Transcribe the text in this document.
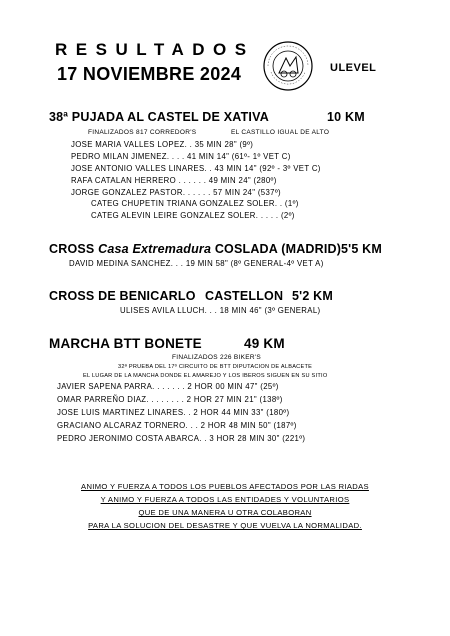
RESULTADOS
17 NOVIEMBRE 2024	ULEVEL
38ª PUJADA AL CASTEL DE XATIVA	10 KM
FINALIZADOS 817 CORREDOR'S	EL CASTILLO IGUAL DE ALTO
JOSE MARIA VALLES LOPEZ. . 35 MIN 28" (9º)
PEDRO MILAN JIMENEZ. . . . 41 MIN 14" (61º- 1º VET C)
JOSE ANTONIO VALLES LINARES. . 43 MIN 14" (92º - 3º VET C)
RAFA CATALAN HERRERO . . . . . . 49 MIN 24" (280º)
JORGE GONZALEZ PASTOR. . . . . . 57 MIN 24" (537º)
CATEG CHUPETIN TRIANA GONZALEZ SOLER. . (1º)
CATEG ALEVIN LEIRE GONZALEZ SOLER. . . . . (2º)
CROSS Casa Extremadura COSLADA (MADRID) 5'5 KM
DAVID MEDINA SANCHEZ. . . 19 MIN 58" (8º GENERAL-4º VET A)
CROSS DE BENICARLO CASTELLON 5'2 KM
ULISES AVILA LLUCH. . . 18 MIN 46" (3º GENERAL)
MARCHA BTT BONETE	49 KM
FINALIZADOS 226 BIKER'S
32ª PRUEBA DEL 17º CIRCUITO DE BTT DIPUTACION DE ALBACETE
EL LUGAR DE LA MANCHA DONDE EL AMAREJO Y LOS IBEROS SIGUEN EN SU SITIO
JAVIER SAPENA PARRA. . . . . . . 2 HOR 00 MIN 47" (25º)
OMAR PARREÑO DIAZ. . . . . . . . 2 HOR 27 MIN 21" (138º)
JOSE LUIS MARTINEZ LINARES. . 2 HOR 44 MIN 33" (180º)
GRACIANO ALCARAZ TORNERO. . . 2 HOR 48 MIN 50" (187º)
PEDRO JERONIMO COSTA ABARCA. . 3 HOR 28 MIN 30" (221º)
ANIMO Y FUERZA A TODOS LOS PUEBLOS AFECTADOS POR LAS RIADAS
Y ANIMO Y FUERZA A TODOS LAS ENTIDADES Y VOLUNTARIOS
QUE DE UNA MANERA U OTRA COLABORAN
PARA LA SOLUCION DEL DESASTRE Y QUE VUELVA LA NORMALIDAD.
